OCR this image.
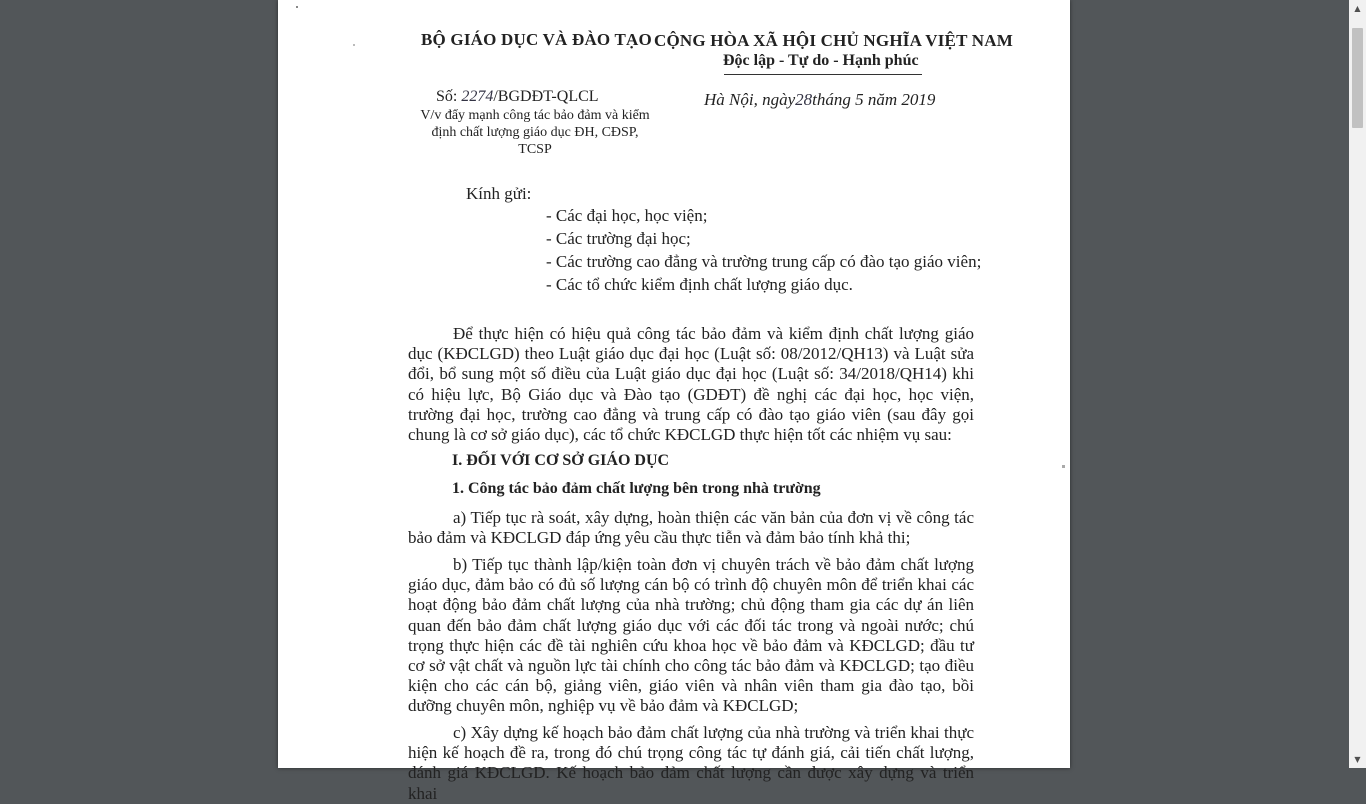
BỘ GIÁO DỤC VÀ ĐÀO TẠO CỘNG HÒA XÃ HỘI CHỦ NGHĨA VIỆT NAM
Độc lập - Tự do - Hạnh phúc
Số: 2274/BGDĐT-QLCL
V/v đẩy mạnh công tác bảo đảm và kiểm định chất lượng giáo dục ĐH, CĐSP, TCSP
Hà Nội, ngày28tháng 5 năm 2019
Kính gửi:
- Các đại học, học viện;
- Các trường đại học;
- Các trường cao đẳng và trường trung cấp có đào tạo giáo viên;
- Các tổ chức kiểm định chất lượng giáo dục.
Để thực hiện có hiệu quả công tác bảo đảm và kiểm định chất lượng giáo dục (KĐCLGD) theo Luật giáo dục đại học (Luật số: 08/2012/QH13) và Luật sửa đổi, bổ sung một số điều của Luật giáo dục đại học (Luật số: 34/2018/QH14) khi có hiệu lực, Bộ Giáo dục và Đào tạo (GDĐT) đề nghị các đại học, học viện, trường đại học, trường cao đẳng và trung cấp có đào tạo giáo viên (sau đây gọi chung là cơ sở giáo dục), các tổ chức KĐCLGD thực hiện tốt các nhiệm vụ sau:
I. ĐỐI VỚI CƠ SỞ GIÁO DỤC
1. Công tác bảo đảm chất lượng bên trong nhà trường
a) Tiếp tục rà soát, xây dựng, hoàn thiện các văn bản của đơn vị về công tác bảo đảm và KĐCLGD đáp ứng yêu cầu thực tiễn và đảm bảo tính khả thi;
b) Tiếp tục thành lập/kiện toàn đơn vị chuyên trách về bảo đảm chất lượng giáo dục, đảm bảo có đủ số lượng cán bộ có trình độ chuyên môn để triển khai các hoạt động bảo đảm chất lượng của nhà trường; chủ động tham gia các dự án liên quan đến bảo đảm chất lượng giáo dục với các đối tác trong và ngoài nước; chú trọng thực hiện các đề tài nghiên cứu khoa học về bảo đảm và KĐCLGD; đầu tư cơ sở vật chất và nguồn lực tài chính cho công tác bảo đảm và KĐCLGD; tạo điều kiện cho các cán bộ, giảng viên, giáo viên và nhân viên tham gia đào tạo, bồi dưỡng chuyên môn, nghiệp vụ về bảo đảm và KĐCLGD;
c) Xây dựng kế hoạch bảo đảm chất lượng của nhà trường và triển khai thực hiện kế hoạch đề ra, trong đó chú trọng công tác tự đánh giá, cải tiến chất lượng, đánh giá KĐCLGD. Kế hoạch bảo đảm chất lượng cần được xây dựng và triển khai
▲
▼
